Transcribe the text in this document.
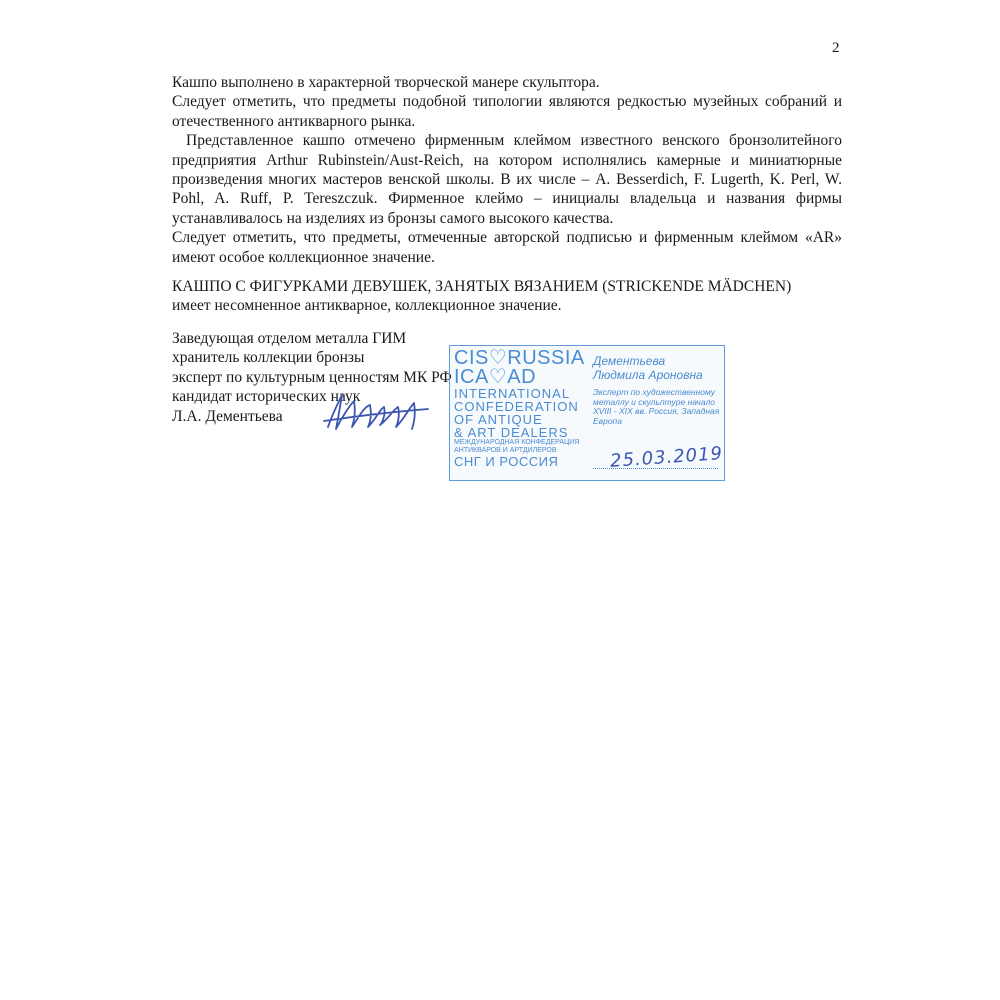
2

Кашпо выполнено в характерной творческой манере скульптора.

Следует отметить, что предметы подобной типологии являются редкостью музейных собраний и отечественного антикварного рынка.

Представленное кашпо отмечено фирменным клеймом известного венского бронзолитейного предприятия Arthur Rubinstein/Aust-Reich, на котором исполнялись камерные и миниатюрные произведения многих мастеров венской школы. В их числе – A. Besserdich, F. Lugerth, K. Perl, W. Pohl, A. Ruff, P. Tereszczuk. Фирменное клеймо – инициалы владельца и названия фирмы устанавливалось на изделиях из бронзы самого высокого качества.

Следует отметить, что предметы, отмеченные авторской подписью и фирменным клеймом «AR» имеют особое коллекционное значение.

КАШПО С ФИГУРКАМИ ДЕВУШЕК, ЗАНЯТЫХ ВЯЗАНИЕМ (STRICKENDE MÄDCHEN)

имеет несомненное антикварное, коллекционное значение.

Заведующая отделом металла ГИМ

хранитель коллекции бронзы

эксперт по культурным ценностям МК РФ

кандидат исторических наук

Л.А. Дементьева

CIS♡RUSSIA
ICA♡AD
INTERNATIONAL
CONFEDERATION
OF ANTIQUE
& ART DEALERS
МЕЖДУНАРОДНАЯ КОНФЕДЕРАЦИЯ
АНТИКВАРОВ И АРТДИЛЕРОВ
СНГ И РОССИЯ
Дементьева
Людмила Ароновна
Эксперт по художественному металлу и скульптуре начало XVIII - XIX вв. Россия, Западная Европа
25.03.2019
